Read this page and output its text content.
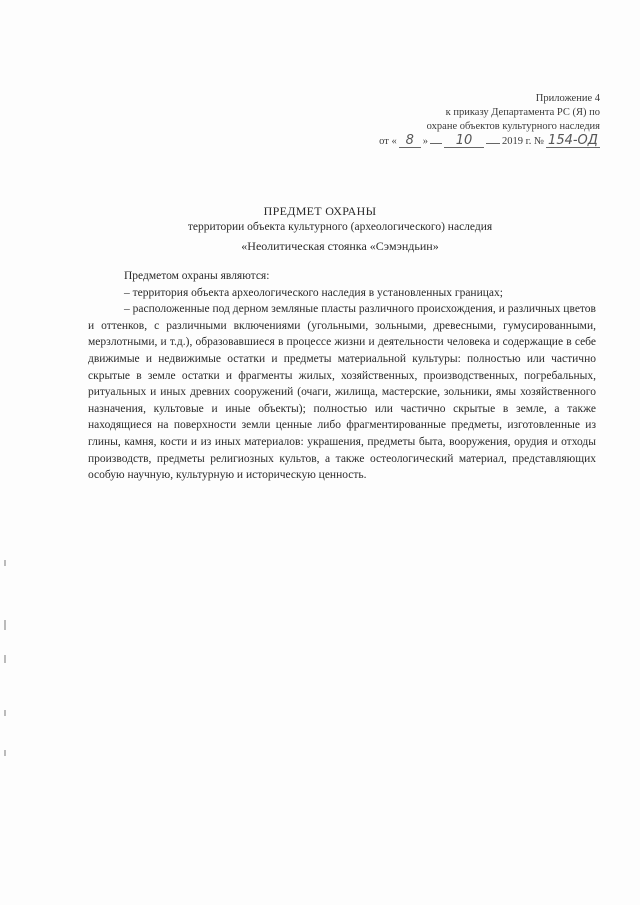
Приложение 4
к приказу Департамента РС (Я) по
охране объектов культурного наследия
от « 8 »	10	2019 г. № 154-ОД

ПРЕДМЕТ ОХРАНЫ

территории объекта культурного (археологического) наследия

«Неолитическая стоянка «Сэмэндьин»

Предметом охраны являются:

– территория объекта археологического наследия в установленных границах;

– расположенные под дерном земляные пласты различного происхождения, и различных цветов и оттенков, с различными включениями (угольными, зольными, древесными, гумусированными, мерзлотными, и т.д.), образовавшиеся в процессе жизни и деятельности человека и содержащие в себе движимые и недвижимые остатки и предметы материальной культуры: полностью или частично скрытые в земле остатки и фрагменты жилых, хозяйственных, производственных, погребальных, ритуальных и иных древних сооружений (очаги, жилища, мастерские, зольники, ямы хозяйственного назначения, культовые и иные объекты); полностью или частично скрытые в земле, а также находящиеся на поверхности земли ценные либо фрагментированные предметы, изготовленные из глины, камня, кости и из иных материалов: украшения, предметы быта, вооружения, орудия и отходы производств, предметы религиозных культов, а также остеологический материал, представляющих особую научную, культурную и историческую ценность.
